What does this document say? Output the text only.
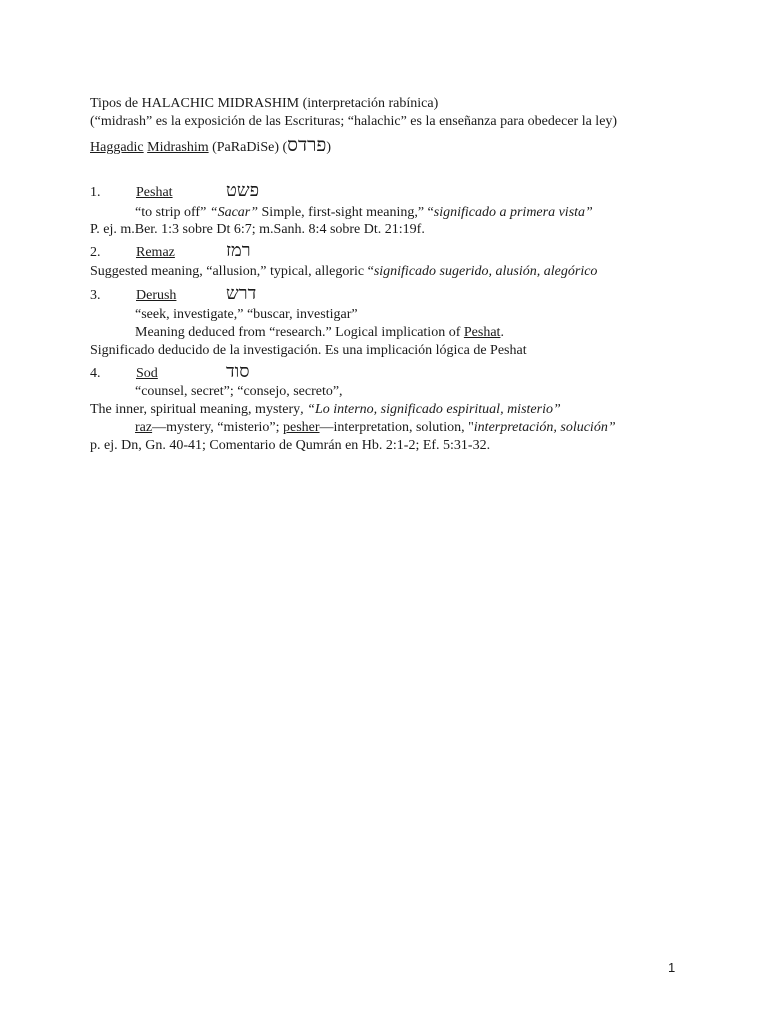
Tipos de HALACHIC MIDRASHIM (interpretación rabínica)
(“midrash” es la exposición de las Escrituras; “halachic” es la enseñanza para obedecer la ley)
Haggadic Midrashim (PaRaDiSe) (פרדס)
1.	Peshat	פשט
“to strip off” “Sacar” Simple, first-sight meaning,” “significado a primera vista”
P. ej. m.Ber. 1:3 sobre Dt 6:7; m.Sanh. 8:4 sobre Dt. 21:19f.
2.	Remaz	רמז
Suggested meaning, “allusion,” typical, allegoric “significado sugerido, alusión, alegórico
3.	Derush	דרש
“seek, investigate,” “buscar, investigar”
Meaning deduced from “research.” Logical implication of Peshat.
Significado deducido de la investigación. Es una implicación lógica de Peshat
4.	Sod	סוד
“counsel, secret”; “consejo, secreto”,
The inner, spiritual meaning, mystery, “Lo interno, significado espiritual, misterio”
raz—mystery, “misterio”; pesher—interpretation, solution, "interpretación, solución”
p. ej. Dn, Gn. 40-41; Comentario de Qumrán en Hb. 2:1-2; Ef. 5:31-32.
1
